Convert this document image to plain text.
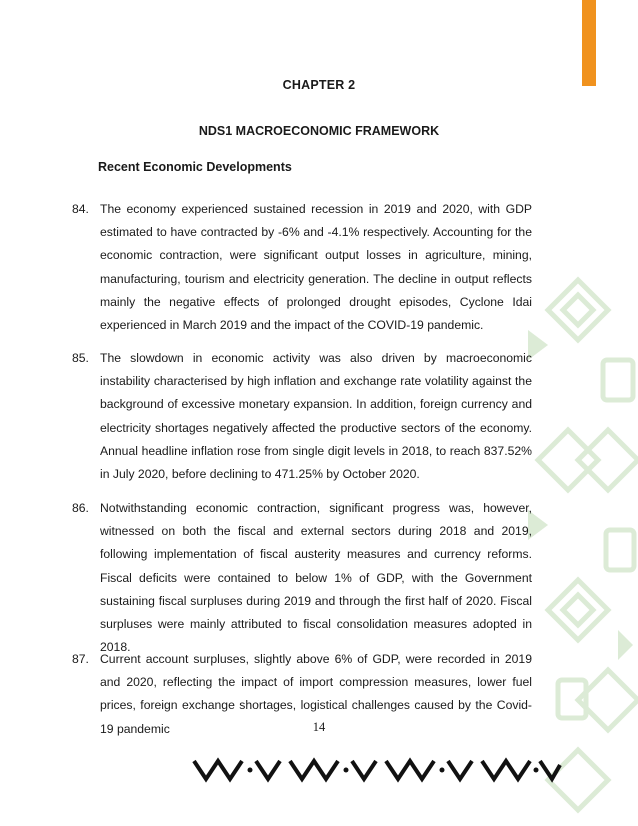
CHAPTER 2
NDS1 MACROECONOMIC FRAMEWORK
Recent Economic Developments
84. The economy experienced sustained recession in 2019 and 2020, with GDP estimated to have contracted by -6% and -4.1% respectively. Accounting for the economic contraction, were significant output losses in agriculture, mining, manufacturing, tourism and electricity generation. The decline in output reflects mainly the negative effects of prolonged drought episodes, Cyclone Idai experienced in March 2019 and the impact of the COVID-19 pandemic.
85. The slowdown in economic activity was also driven by macroeconomic instability characterised by high inflation and exchange rate volatility against the background of excessive monetary expansion. In addition, foreign currency and electricity shortages negatively affected the productive sectors of the economy. Annual headline inflation rose from single digit levels in 2018, to reach 837.52% in July 2020, before declining to 471.25% by October 2020.
86. Notwithstanding economic contraction, significant progress was, however, witnessed on both the fiscal and external sectors during 2018 and 2019, following implementation of fiscal austerity measures and currency reforms. Fiscal deficits were contained to below 1% of GDP, with the Government sustaining fiscal surpluses during 2019 and through the first half of 2020. Fiscal surpluses were mainly attributed to fiscal consolidation measures adopted in 2018.
87. Current account surpluses, slightly above 6% of GDP, were recorded in 2019 and 2020, reflecting the impact of import compression measures, lower fuel prices, foreign exchange shortages, logistical challenges caused by the Covid-19 pandemic	14
